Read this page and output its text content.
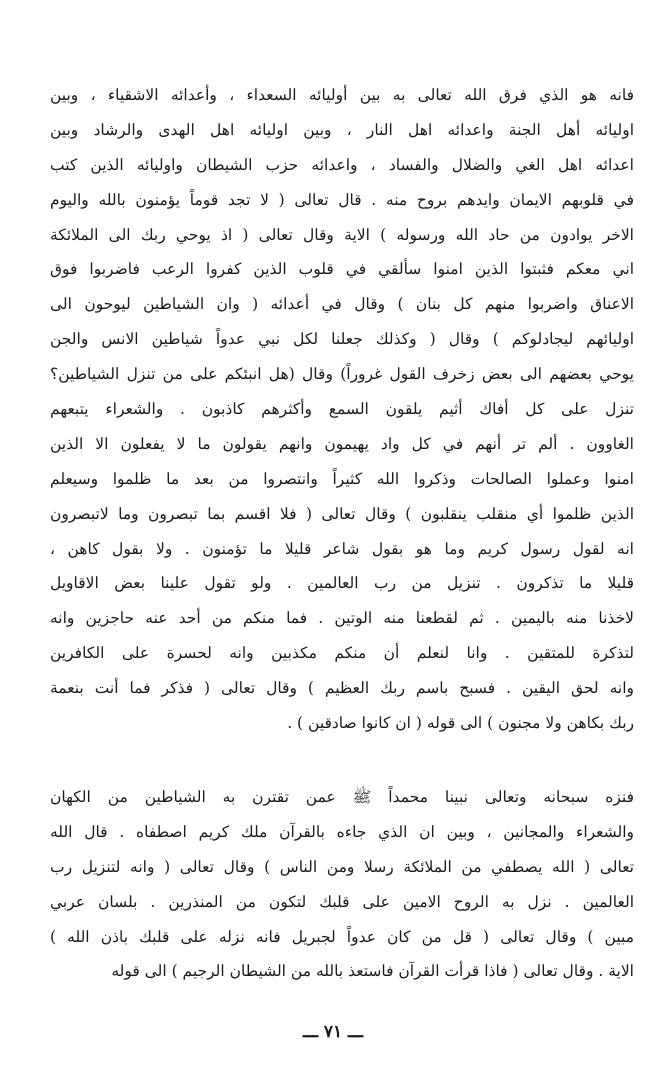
فانه هو الذي فرق الله تعالى به بين أوليائه السعداء ، وأعدائه الاشقياء ، وبين
اوليائه أهل الجنة واعدائه اهل النار ، وبين اوليائه اهل الهدى والرشاد وبين
اعدائه اهل الغي والضلال والفساد ، واعدائه حزب الشيطان واوليائه الذين كتب
في قلوبهم الايمان وايدهم بروح منه . قال تعالى ( لا تجد قوماً يؤمنون بالله واليوم
الاخر يوادون من حاد الله ورسوله ) الاية وقال تعالى ( اذ يوحي ربك الى الملائكة
اني معكم فثبتوا الذين امنوا سألقي في قلوب الذين كفروا الرعب فاضربوا فوق
الاعناق واضربوا منهم كل بنان ) وقال في أعدائه ( وان الشياطين ليوحون الى
اوليائهم ليجادلوكم ) وقال ( وكذلك جعلنا لكل نبي عدواً شياطين الانس والجن
يوحي بعضهم الى بعض زخرف القول غروراً) وقال (هل انبئكم على من تنزل الشياطين؟
تنزل على كل أفاك أثيم يلقون السمع وأكثرهم كاذبون . والشعراء يتبعهم
الغاوون . ألم تر أنهم في كل واد يهيمون وانهم يقولون ما لا يفعلون الا الذين
امنوا وعملوا الصالحات وذكروا الله كثيراً وانتصروا من بعد ما ظلموا وسيعلم
الذين ظلموا أي منقلب ينقلبون ) وقال تعالى ( فلا اقسم بما تبصرون وما لاتبصرون
انه لقول رسول كريم وما هو بقول شاعر قليلا ما تؤمنون . ولا بقول كاهن ،
قليلا ما تذكرون . تنزيل من رب العالمين . ولو تقول علينا بعض الاقاويل
لاخذنا منه باليمين . ثم لقطعنا منه الوتين . فما منكم من أحد عنه حاجزين وانه
لتذكرة للمتقين . وانا لنعلم أن منكم مكذبين وانه لحسرة على الكافرين
وانه لحق اليقين . فسبح باسم ربك العظيم ) وقال تعالى ( فذكر فما أنت بنعمة
ربك بكاهن ولا مجنون ) الى قوله ( ان كانوا صادقين ) .
فنزه سبحانه وتعالى نبينا محمداً ﷺ عمن تقترن به الشياطين من الكهان
والشعراء والمجانين ، وبين ان الذي جاءه بالقرآن ملك كريم اصطفاه . قال الله
تعالى ( الله يصطفي من الملائكة رسلا ومن الناس ) وقال تعالى ( وانه لتنزيل رب
العالمين . نزل به الروح الامين على قلبك لتكون من المنذرين . بلسان عربي
مبين ) وقال تعالى ( قل من كان عدواً لجبريل فانه نزله على قلبك باذن الله )
الاية . وقال تعالى ( فاذا قرأت القرآن فاستعذ بالله من الشيطان الرجيم ) الى قوله
ـــ ٧١ ـــ
